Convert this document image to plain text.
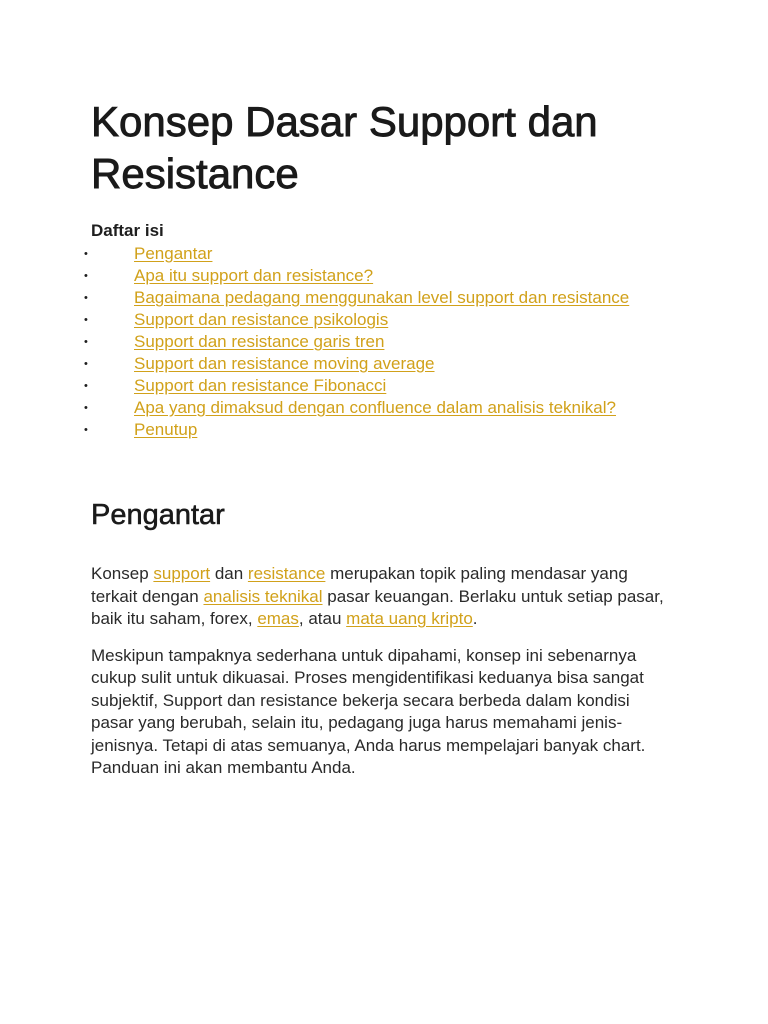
Konsep Dasar Support dan Resistance
Daftar isi
•	Pengantar
•	Apa itu support dan resistance?
•	Bagaimana pedagang menggunakan level support dan resistance
•	Support dan resistance psikologis
•	Support dan resistance garis tren
•	Support dan resistance moving average
•	Support dan resistance Fibonacci
•	Apa yang dimaksud dengan confluence dalam analisis teknikal?
•	Penutup
Pengantar

Konsep support dan resistance merupakan topik paling mendasar yang terkait dengan analisis teknikal pasar keuangan. Berlaku untuk setiap pasar, baik itu saham, forex, emas, atau mata uang kripto.

Meskipun tampaknya sederhana untuk dipahami, konsep ini sebenarnya cukup sulit untuk dikuasai. Proses mengidentifikasi keduanya bisa sangat subjektif, Support dan resistance bekerja secara berbeda dalam kondisi pasar yang berubah, selain itu, pedagang juga harus memahami jenis-jenisnya. Tetapi di atas semuanya, Anda harus mempelajari banyak chart. Panduan ini akan membantu Anda.
